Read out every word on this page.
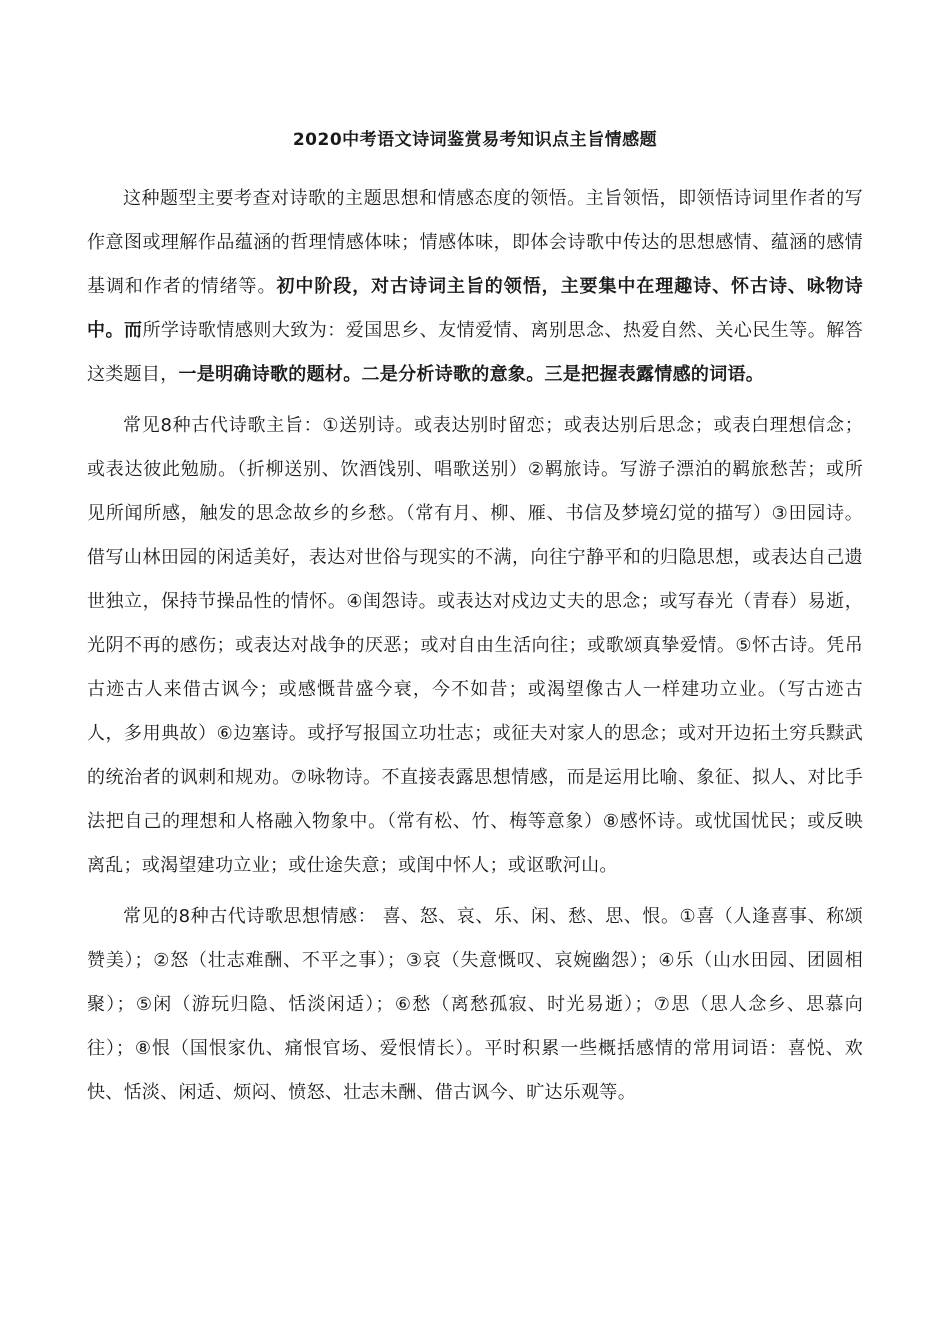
2020中考语文诗词鉴赏易考知识点主旨情感题

这种题型主要考查对诗歌的主题思想和情感态度的领悟。主旨领悟，即领悟诗词里作者的写作意图或理解作品蕴涵的哲理情感体味；情感体味，即体会诗歌中传达的思想感情、蕴涵的感情基调和作者的情绪等。初中阶段，对古诗词主旨的领悟，主要集中在理趣诗、怀古诗、咏物诗中。而所学诗歌情感则大致为：爱国思乡、友情爱情、离别思念、热爱自然、关心民生等。解答这类题目，一是明确诗歌的题材。二是分析诗歌的意象。三是把握表露情感的词语。

常见8种古代诗歌主旨：①送别诗。或表达别时留恋；或表达别后思念；或表白理想信念；或表达彼此勉励。（折柳送别、饮酒饯别、唱歌送别）②羁旅诗。写游子漂泊的羁旅愁苦；或所见所闻所感，触发的思念故乡的乡愁。（常有月、柳、雁、书信及梦境幻觉的描写）③田园诗。借写山林田园的闲适美好，表达对世俗与现实的不满，向往宁静平和的归隐思想，或表达自己遗世独立，保持节操品性的情怀。④闺怨诗。或表达对戍边丈夫的思念；或写春光（青春）易逝，光阴不再的感伤；或表达对战争的厌恶；或对自由生活向往；或歌颂真挚爱情。⑤怀古诗。凭吊古迹古人来借古讽今；或感慨昔盛今衰，今不如昔；或渴望像古人一样建功立业。（写古迹古人，多用典故）⑥边塞诗。或抒写报国立功壮志；或征夫对家人的思念；或对开边拓土穷兵黩武的统治者的讽刺和规劝。⑦咏物诗。不直接表露思想情感，而是运用比喻、象征、拟人、对比手法把自己的理想和人格融入物象中。（常有松、竹、梅等意象）⑧感怀诗。或忧国忧民；或反映离乱；或渴望建功立业；或仕途失意；或闺中怀人；或讴歌河山。

常见的8种古代诗歌思想情感： 喜、怒、哀、乐、闲、愁、思、恨。①喜（人逢喜事、称颂赞美）；②怒（壮志难酬、不平之事）；③哀（失意慨叹、哀婉幽怨）；④乐（山水田园、团圆相聚）；⑤闲（游玩归隐、恬淡闲适）；⑥愁（离愁孤寂、时光易逝）；⑦思（思人念乡、思慕向往）；⑧恨（国恨家仇、痛恨官场、爱恨情长）。平时积累一些概括感情的常用词语：喜悦、欢快、恬淡、闲适、烦闷、愤怒、壮志未酬、借古讽今、旷达乐观等。
